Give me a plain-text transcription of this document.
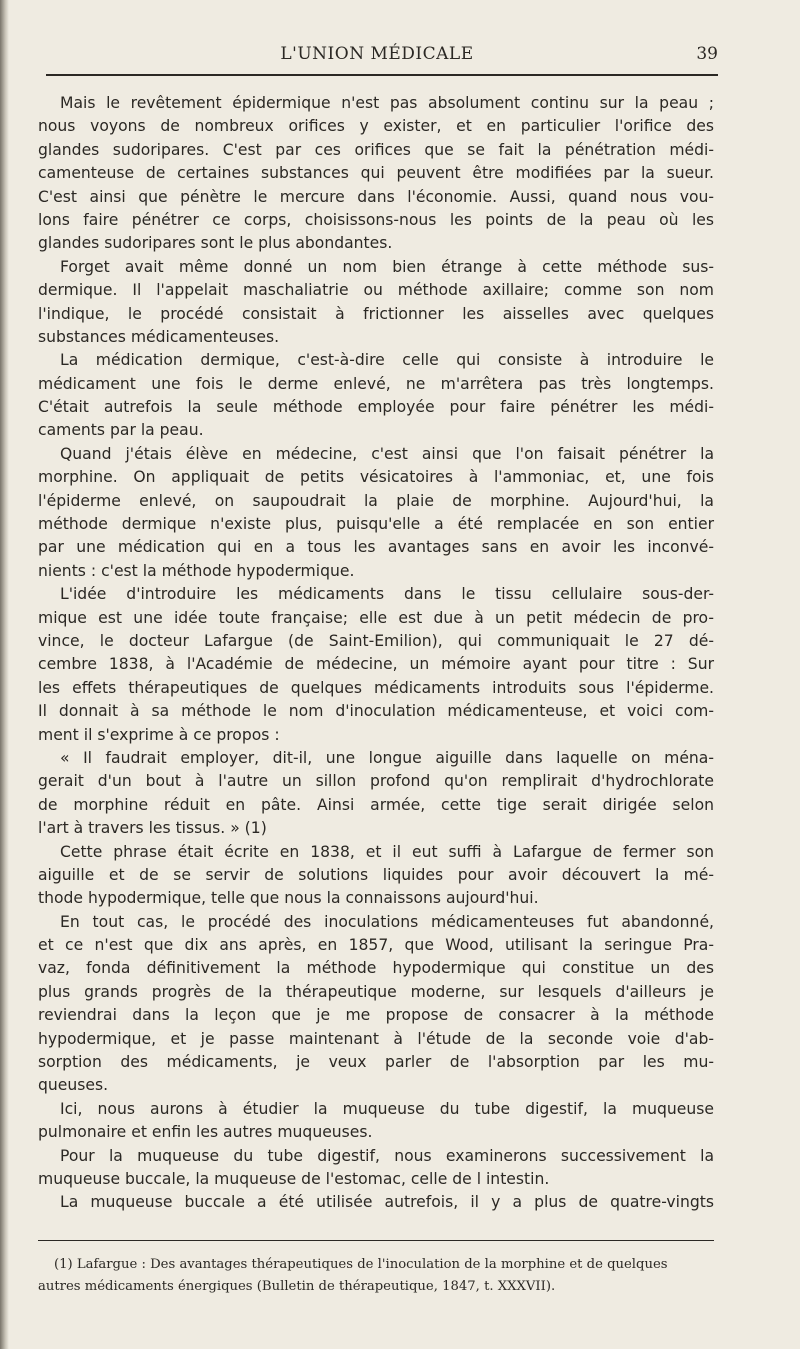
L'UNION MÉDICALE	39
Mais le revêtement épidermique n'est pas absolument continu sur la peau ;
nous voyons de nombreux orifices y exister, et en particulier l'orifice des
glandes sudoripares. C'est par ces orifices que se fait la pénétration médi-
camenteuse de certaines substances qui peuvent être modifiées par la sueur.
C'est ainsi que pénètre le mercure dans l'économie. Aussi, quand nous vou-
lons faire pénétrer ce corps, choisissons-nous les points de la peau où les
glandes sudoripares sont le plus abondantes.
Forget avait même donné un nom bien étrange à cette méthode sus-
dermique. Il l'appelait maschaliatrie ou méthode axillaire; comme son nom
l'indique, le procédé consistait à frictionner les aisselles avec quelques
substances médicamenteuses.
La médication dermique, c'est-à-dire celle qui consiste à introduire le
médicament une fois le derme enlevé, ne m'arrêtera pas très longtemps.
C'était autrefois la seule méthode employée pour faire pénétrer les médi-
caments par la peau.
Quand j'étais élève en médecine, c'est ainsi que l'on faisait pénétrer la
morphine. On appliquait de petits vésicatoires à l'ammoniac, et, une fois
l'épiderme enlevé, on saupoudrait la plaie de morphine. Aujourd'hui, la
méthode dermique n'existe plus, puisqu'elle a été remplacée en son entier
par une médication qui en a tous les avantages sans en avoir les inconvé-
nients : c'est la méthode hypodermique.
L'idée d'introduire les médicaments dans le tissu cellulaire sous-der-
mique est une idée toute française; elle est due à un petit médecin de pro-
vince, le docteur Lafargue (de Saint-Emilion), qui communiquait le 27 dé-
cembre 1838, à l'Académie de médecine, un mémoire ayant pour titre : Sur
les effets thérapeutiques de quelques médicaments introduits sous l'épiderme.
Il donnait à sa méthode le nom d'inoculation médicamenteuse, et voici com-
ment il s'exprime à ce propos :
« Il faudrait employer, dit-il, une longue aiguille dans laquelle on ména-
gerait d'un bout à l'autre un sillon profond qu'on remplirait d'hydrochlorate
de morphine réduit en pâte. Ainsi armée, cette tige serait dirigée selon
l'art à travers les tissus. » (1)
Cette phrase était écrite en 1838, et il eut suffi à Lafargue de fermer son
aiguille et de se servir de solutions liquides pour avoir découvert la mé-
thode hypodermique, telle que nous la connaissons aujourd'hui.
En tout cas, le procédé des inoculations médicamenteuses fut abandonné,
et ce n'est que dix ans après, en 1857, que Wood, utilisant la seringue Pra-
vaz, fonda définitivement la méthode hypodermique qui constitue un des
plus grands progrès de la thérapeutique moderne, sur lesquels d'ailleurs je
reviendrai dans la leçon que je me propose de consacrer à la méthode
hypodermique, et je passe maintenant à l'étude de la seconde voie d'ab-
sorption des médicaments, je veux parler de l'absorption par les mu-
queuses.
Ici, nous aurons à étudier la muqueuse du tube digestif, la muqueuse
pulmonaire et enfin les autres muqueuses.
Pour la muqueuse du tube digestif, nous examinerons successivement la
muqueuse buccale, la muqueuse de l'estomac, celle de l intestin.
La muqueuse buccale a été utilisée autrefois, il y a plus de quatre-vingts
(1) Lafargue : Des avantages thérapeutiques de l'inoculation de la morphine et de quelques
autres médicaments énergiques (Bulletin de thérapeutique, 1847, t. XXXVII).
